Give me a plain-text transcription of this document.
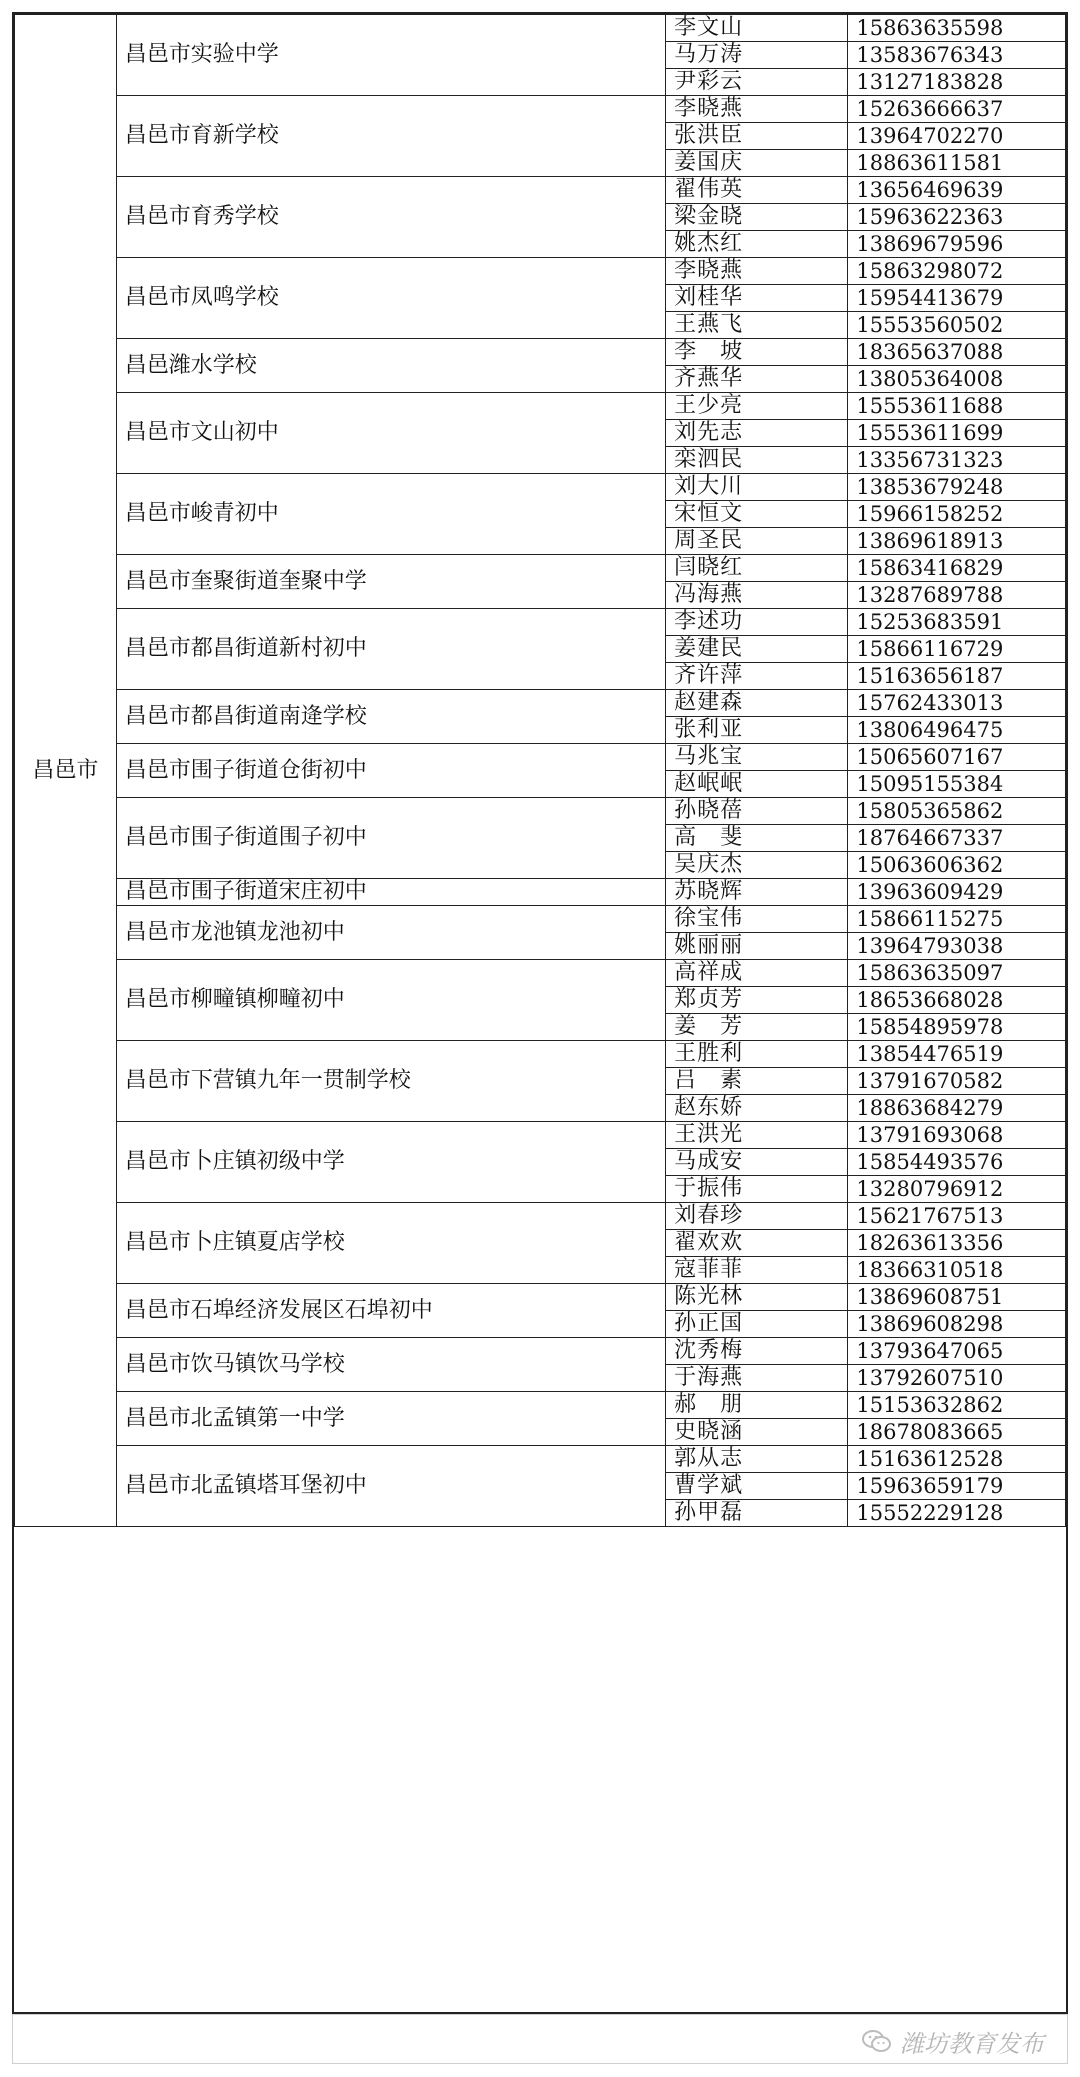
昌邑市	昌邑市实验中学	李文山	15863635598
		马万涛	13583676343
		尹彩云	13127183828
	昌邑市育新学校	李晓燕	15263666637
		张洪臣	13964702270
		姜国庆	18863611581
	昌邑市育秀学校	翟伟英	13656469639
		梁金晓	15963622363
		姚杰红	13869679596
	昌邑市凤鸣学校	李晓燕	15863298072
		刘桂华	15954413679
		王燕飞	15553560502
	昌邑潍水学校	李　坡	18365637088
		齐燕华	13805364008
	昌邑市文山初中	王少亮	15553611688
		刘先志	15553611699
		栾泗民	13356731323
	昌邑市峻青初中	刘大川	13853679248
		宋恒文	15966158252
		周圣民	13869618913
	昌邑市奎聚街道奎聚中学	闫晓红	15863416829
		冯海燕	13287689788
	昌邑市都昌街道新村初中	李述功	15253683591
		姜建民	15866116729
		齐许萍	15163656187
	昌邑市都昌街道南逄学校	赵建森	15762433013
		张利亚	13806496475
	昌邑市围子街道仓街初中	马兆宝	15065607167
		赵岷岷	15095155384
	昌邑市围子街道围子初中	孙晓蓓	15805365862
		高　斐	18764667337
		吴庆杰	15063606362
	昌邑市围子街道宋庄初中	苏晓辉	13963609429
	昌邑市龙池镇龙池初中	徐宝伟	15866115275
		姚丽丽	13964793038
	昌邑市柳疃镇柳疃初中	高祥成	15863635097
		郑贞芳	18653668028
		姜　芳	15854895978
	昌邑市下营镇九年一贯制学校	王胜利	13854476519
		吕　素	13791670582
		赵东娇	18863684279
	昌邑市卜庄镇初级中学	王洪光	13791693068
		马成安	15854493576
		于振伟	13280796912
	昌邑市卜庄镇夏店学校	刘春珍	15621767513
		翟欢欢	18263613356
		寇菲菲	18366310518
	昌邑市石埠经济发展区石埠初中	陈光林	13869608751
		孙正国	13869608298
	昌邑市饮马镇饮马学校	沈秀梅	13793647065
		于海燕	13792607510
	昌邑市北孟镇第一中学	郝　朋	15153632862
		史晓涵	18678083665
	昌邑市北孟镇塔耳堡初中	郭从志	15163612528
		曹学斌	15963659179
		孙甲磊	15552229128
潍坊教育发布
